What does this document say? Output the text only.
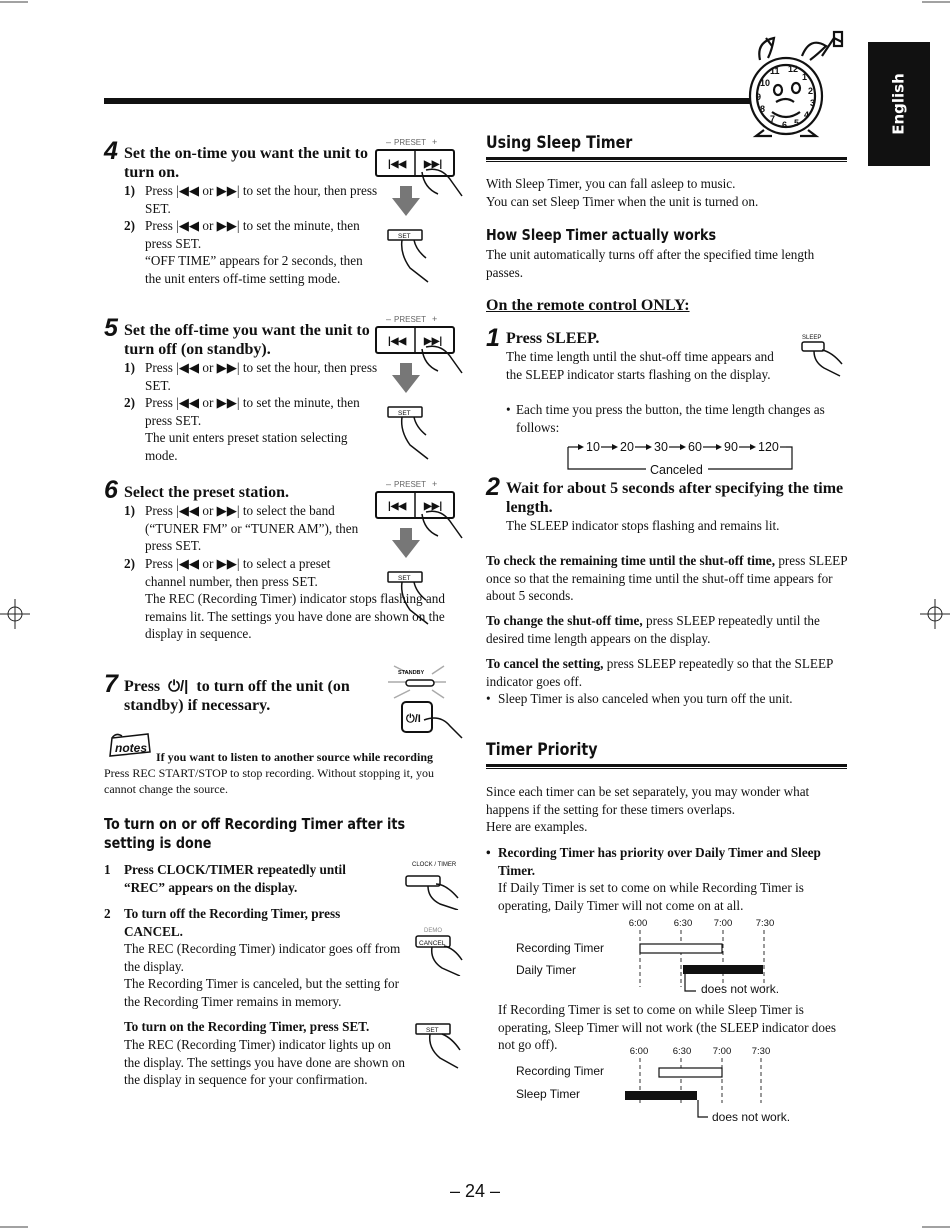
12
1
2
3
4
5
6
7
8
9
10
11
English
4 Set the on-time you want the unit to turn on.
1) Press |◀◀ or ▶▶| to set the hour, then press SET.

2) Press |◀◀ or ▶▶| to set the minute, then press SET.

“OFF TIME” appears for 2 seconds, then the unit enters off-time setting mode.

5 Set the off-time you want the unit to turn off (on standby).
1) Press |◀◀ or ▶▶| to set the hour, then press SET.

2) Press |◀◀ or ▶▶| to set the minute, then press SET.

The unit enters preset station selecting mode.

6 Select the preset station.
1) Press |◀◀ or ▶▶| to select the band (“TUNER FM” or “TUNER AM”), then press SET.

2) Press |◀◀ or ▶▶| to select a preset channel number, then press SET.

The REC (Recording Timer) indicator stops flashing and remains lit. The settings you have done are shown on the display in sequence.

7 Press ⏻/| to turn off the unit (on standby) if necessary.
notes
If you want to listen to another source while recording
Press REC START/STOP to stop recording. Without stopping it, you cannot change the source.
To turn on or off Recording Timer after its setting is done
1 Press CLOCK/TIMER repeatedly until “REC” appears on the display.
2 To turn off the Recording Timer, press CANCEL.

The REC (Recording Timer) indicator goes off from the display.

The Recording Timer is canceled, but the setting for the Recording Timer remains in memory.

To turn on the Recording Timer, press SET.
The REC (Recording Timer) indicator lights up on the display. The settings you have done are shown on the display in sequence for your confirmation.
PRESET
–	+
|◀◀ ▶▶|
SET
PRESET
–	+
|◀◀ ▶▶|
SET
PRESET
–	+
|◀◀ ▶▶|
SET
STANDBY
⏻/I
CLOCK / TIMER
DEMO
CANCEL
SET
Using Sleep Timer

With Sleep Timer, you can fall asleep to music.

You can set Sleep Timer when the unit is turned on.

How Sleep Timer actually works
The unit automatically turns off after the specified time length passes.
On the remote control ONLY:
1 Press SLEEP.
The time length until the shut-off time appears and the SLEEP indicator starts flashing on the display.
• Each time you press the button, the time length changes as follows:

SLEEP
10 20 30 60 90 120
Canceled
2 Wait for about 5 seconds after specifying the time length.
The SLEEP indicator stops flashing and remains lit.
To check the remaining time until the shut-off time, press SLEEP once so that the remaining time until the shut-off time appears for about 5 seconds.
To change the shut-off time, press SLEEP repeatedly until the desired time length appears on the display.
To cancel the setting, press SLEEP repeatedly so that the SLEEP indicator goes off.
• Sleep Timer is also canceled when you turn off the unit.

Timer Priority

Since each timer can be set separately, you may wonder what happens if the setting for these timers overlaps.

Here are examples.

• Recording Timer has priority over Daily Timer and Sleep Timer.

If Daily Timer is set to come on while Recording Timer is operating, Daily Timer will not come on at all.

6:00	6:30 7:00 7:30
Recording Timer
Daily Timer
does not work.
If Recording Timer is set to come on while Sleep Timer is operating, Sleep Timer will not work (the SLEEP indicator does not go off).	6:00	6:30 7:00 7:30
Recording Timer
Sleep Timer
does not work.
– 24 –
